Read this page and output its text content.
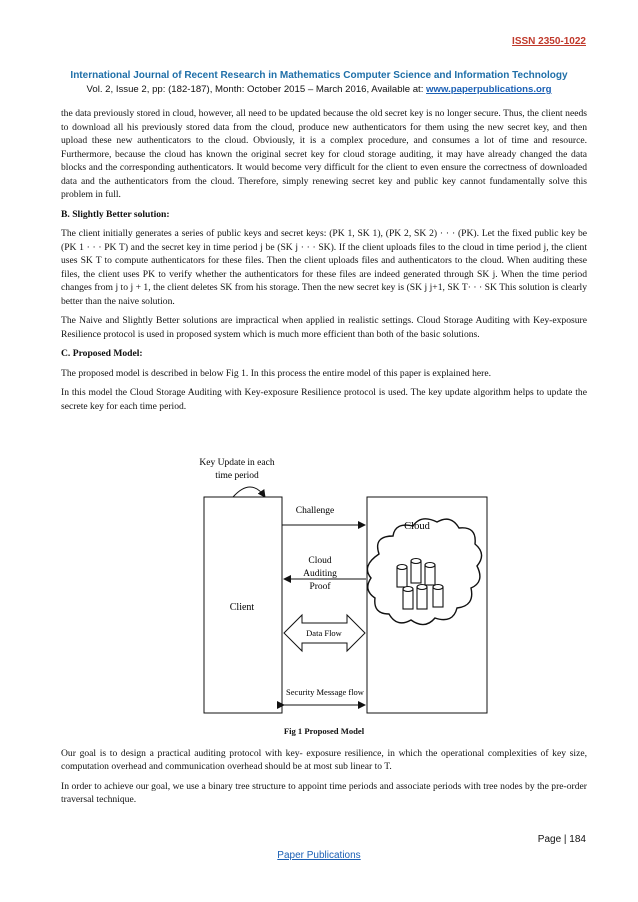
ISSN 2350-1022
International Journal of Recent Research in Mathematics Computer Science and Information Technology
Vol. 2, Issue 2, pp: (182-187), Month: October 2015 – March 2016, Available at: www.paperpublications.org

the data previously stored in cloud, however, all need to be updated because the old secret key is no longer secure. Thus, the client needs to download all his previously stored data from the cloud, produce new authenticators for them using the new secret key, and then upload these new authenticators to the cloud. Obviously, it is a complex procedure, and consumes a lot of time and resource. Furthermore, because the cloud has known the original secret key for cloud storage auditing, it may have already changed the data blocks and the corresponding authenticators. It would become very difficult for the client to even ensure the correctness of downloaded data and the authenticators from the cloud. Therefore, simply renewing secret key and public key cannot fundamentally solve this problem in full.

B. Slightly Better solution:

The client initially generates a series of public keys and secret keys: (PK 1, SK 1), (PK 2, SK 2) · · · (PK). Let the fixed public key be (PK 1 · · · PK T) and the secret key in time period j be (SK j · · · SK). If the client uploads files to the cloud in time period j, the client uses SK T to compute authenticators for these files. Then the client uploads files and authenticators to the cloud. When auditing these files, the client uses PK to verify whether the authenticators for these files are indeed generated through SK j. When the time period changes from j to j + 1, the client deletes SK from his storage. Then the new secret key is (SK j j+1, SK T· · · SK This solution is clearly better than the naive solution.

The Naive and Slightly Better solutions are impractical when applied in realistic settings. Cloud Storage Auditing with Key-exposure Resilience protocol is used in proposed system which is much more efficient than both of the basic solutions.

C. Proposed Model:

The proposed model is described in below Fig 1. In this process the entire model of this paper is explained here.

In this model the Cloud Storage Auditing with Key-exposure Resilience protocol is used. The key update algorithm helps to update the secrete key for each time period.

Key Update in each
time period
Client
Cloud
Challenge
Cloud
Auditing
Proof
Data Flow
Security Message flow
Fig 1 Proposed Model

Our goal is to design a practical auditing protocol with key- exposure resilience, in which the operational complexities of key size, computation overhead and communication overhead should be at most sub linear to T.

In order to achieve our goal, we use a binary tree structure to appoint time periods and associate periods with tree nodes by the pre-order traversal technique.

Page | 184
Paper Publications
